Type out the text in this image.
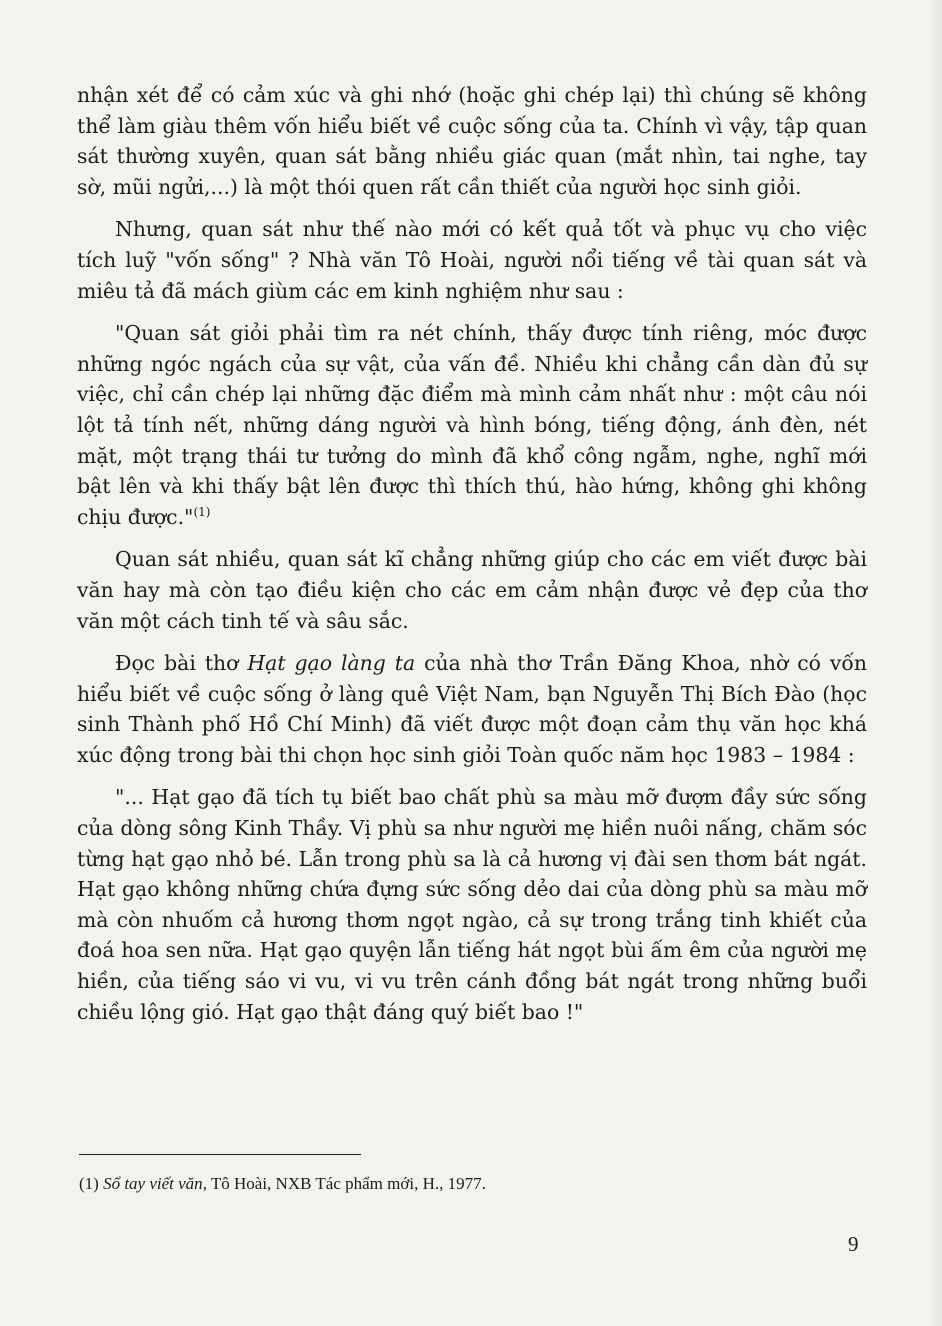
nhận xét để có cảm xúc và ghi nhớ (hoặc ghi chép lại) thì chúng sẽ không thể làm giàu thêm vốn hiểu biết về cuộc sống của ta. Chính vì vậy, tập quan sát thường xuyên, quan sát bằng nhiều giác quan (mắt nhìn, tai nghe, tay sờ, mũi ngửi,...) là một thói quen rất cần thiết của người học sinh giỏi.

Nhưng, quan sát như thế nào mới có kết quả tốt và phục vụ cho việc tích luỹ "vốn sống" ? Nhà văn Tô Hoài, người nổi tiếng về tài quan sát và miêu tả đã mách giùm các em kinh nghiệm như sau :

"Quan sát giỏi phải tìm ra nét chính, thấy được tính riêng, móc được những ngóc ngách của sự vật, của vấn đề. Nhiều khi chẳng cần dàn đủ sự việc, chỉ cần chép lại những đặc điểm mà mình cảm nhất như : một câu nói lột tả tính nết, những dáng người và hình bóng, tiếng động, ánh đèn, nét mặt, một trạng thái tư tưởng do mình đã khổ công ngẫm, nghe, nghĩ mới bật lên và khi thấy bật lên được thì thích thú, hào hứng, không ghi không chịu được."$^{(1)}$

Quan sát nhiều, quan sát kĩ chẳng những giúp cho các em viết được bài văn hay mà còn tạo điều kiện cho các em cảm nhận được vẻ đẹp của thơ văn một cách tinh tế và sâu sắc.

Đọc bài thơ Hạt gạo làng ta của nhà thơ Trần Đăng Khoa, nhờ có vốn hiểu biết về cuộc sống ở làng quê Việt Nam, bạn Nguyễn Thị Bích Đào (học sinh Thành phố Hồ Chí Minh) đã viết được một đoạn cảm thụ văn học khá xúc động trong bài thi chọn học sinh giỏi Toàn quốc năm học 1983 – 1984 :

"... Hạt gạo đã tích tụ biết bao chất phù sa màu mỡ đượm đầy sức sống của dòng sông Kinh Thầy. Vị phù sa như người mẹ hiền nuôi nấng, chăm sóc từng hạt gạo nhỏ bé. Lẫn trong phù sa là cả hương vị đài sen thơm bát ngát. Hạt gạo không những chứa đựng sức sống dẻo dai của dòng phù sa màu mỡ mà còn nhuốm cả hương thơm ngọt ngào, cả sự trong trắng tinh khiết của đoá hoa sen nữa. Hạt gạo quyện lẫn tiếng hát ngọt bùi ấm êm của người mẹ hiền, của tiếng sáo vi vu, vi vu trên cánh đồng bát ngát trong những buổi chiều lộng gió. Hạt gạo thật đáng quý biết bao !"

(1) Sổ tay viết văn, Tô Hoài, NXB Tác phẩm mới, H., 1977.
9
